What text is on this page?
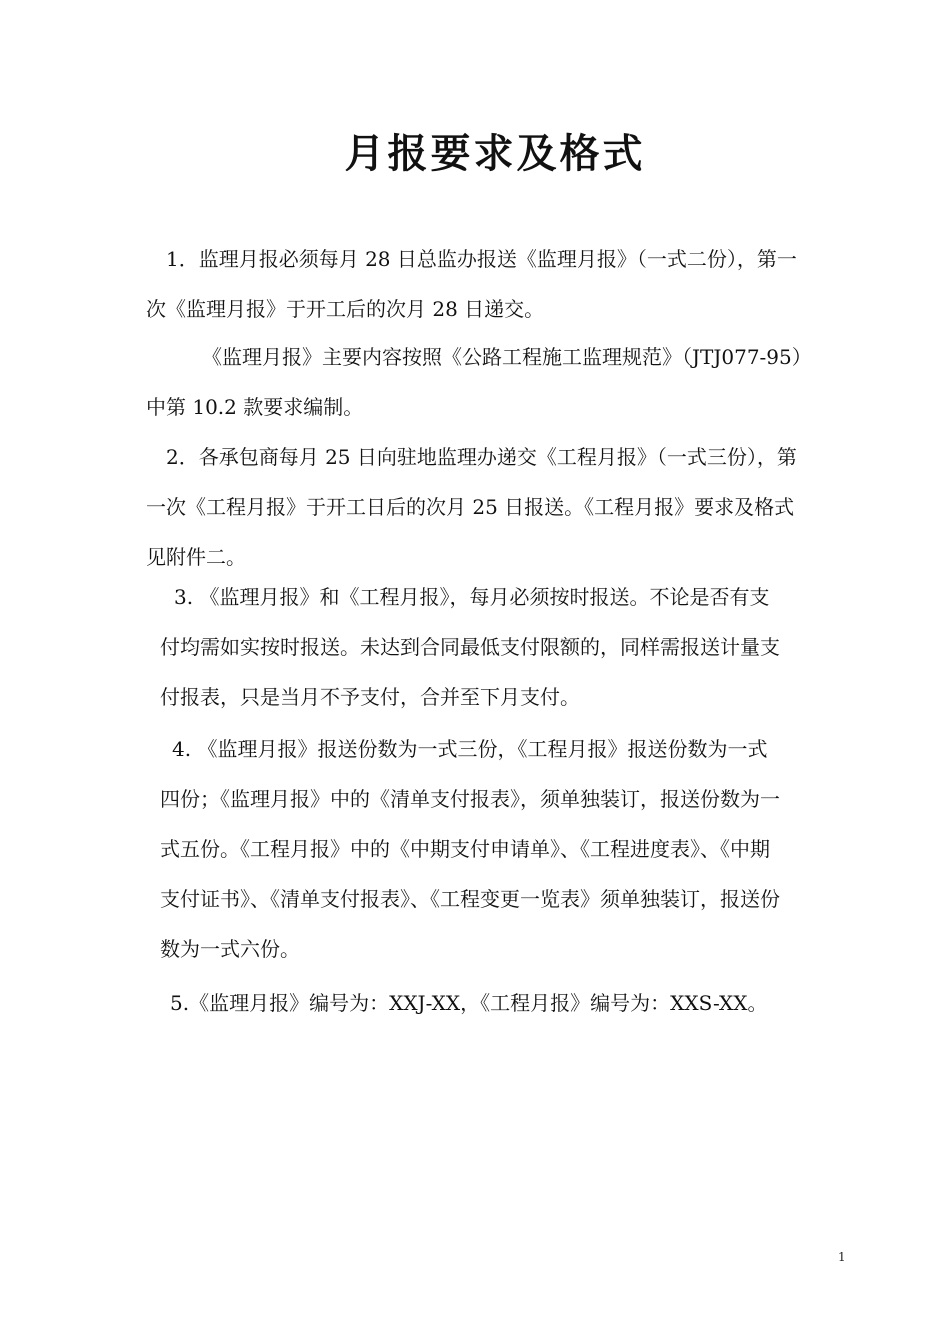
月报要求及格式

1．监理月报必须每月 28 日总监办报送《监理月报》（一式二份），第一
次《监理月报》于开工后的次月 28 日递交。

《监理月报》主要内容按照《公路工程施工监理规范》（JTJ077-95）
中第 10.2 款要求编制。

2．各承包商每月 25 日向驻地监理办递交《工程月报》（一式三份），第
一次《工程月报》于开工日后的次月 25 日报送。《工程月报》要求及格式
见附件二。

3. 《监理月报》和《工程月报》，每月必须按时报送。不论是否有支
付均需如实按时报送。未达到合同最低支付限额的，同样需报送计量支
付报表，只是当月不予支付，合并至下月支付。

4. 《监理月报》报送份数为一式三份，《工程月报》报送份数为一式
四份；《监理月报》中的《清单支付报表》，须单独装订，报送份数为一
式五份。《工程月报》中的《中期支付申请单》、《工程进度表》、《中期
支付证书》、《清单支付报表》、《工程变更一览表》须单独装订，报送份
数为一式六份。

5.《监理月报》编号为：XXJ-XX，《工程月报》编号为：XXS-XX。

1
